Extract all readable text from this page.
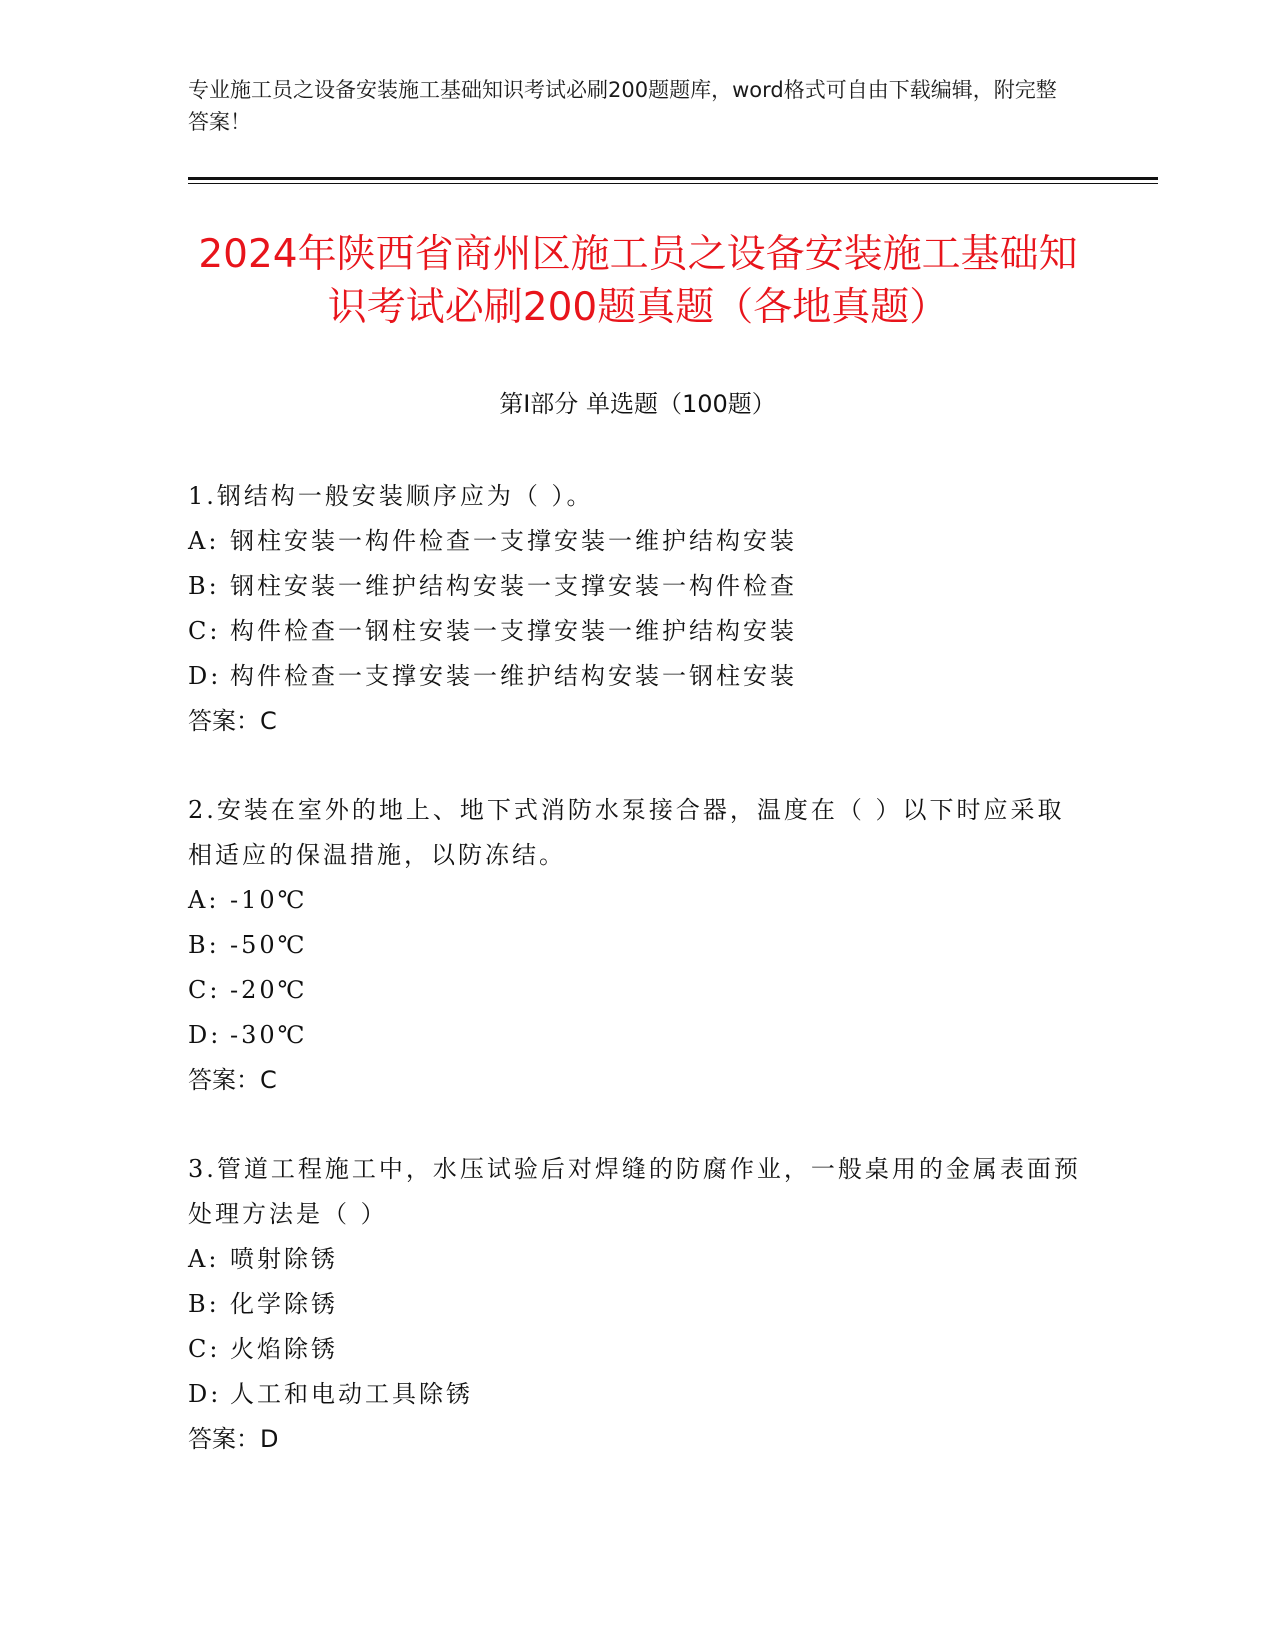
专业施工员之设备安装施工基础知识考试必刷200题题库，word格式可自由下载编辑，附完整答案！
2024年陕西省商州区施工员之设备安装施工基础知识考试必刷200题真题（各地真题）
第Ⅰ部分 单选题（100题）
1.钢结构一般安装顺序应为（ ）。
A: 钢柱安装一构件检查一支撑安装一维护结构安装
B: 钢柱安装一维护结构安装一支撑安装一构件检查
C: 构件检查一钢柱安装一支撑安装一维护结构安装
D: 构件检查一支撑安装一维护结构安装一钢柱安装
答案：C
2.安装在室外的地上、地下式消防水泵接合器，温度在（ ）以下时应采取相适应的保温措施，以防冻结。
A: -10℃
B: -50℃
C: -20℃
D: -30℃
答案：C
3.管道工程施工中，水压试验后对焊缝的防腐作业，一般桌用的金属表面预处理方法是（ ）
A: 喷射除锈
B: 化学除锈
C: 火焰除锈
D: 人工和电动工具除锈
答案：D
